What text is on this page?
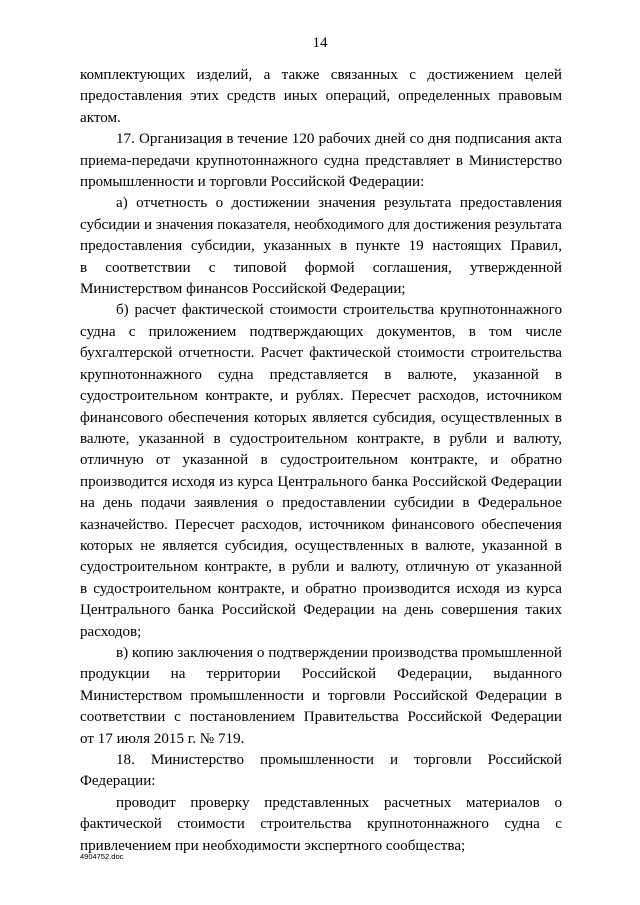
14
комплектующих изделий, а также связанных с достижением целей
предоставления этих средств иных операций, определенных правовым
актом.
17. Организация в течение 120 рабочих дней со дня подписания акта
приема-передачи крупнотоннажного судна представляет в Министерство
промышленности и торговли Российской Федерации:
а) отчетность о достижении значения результата предоставления
субсидии и значения показателя, необходимого для достижения результата
предоставления субсидии, указанных в пункте 19 настоящих Правил,
в соответствии с типовой формой соглашения, утвержденной
Министерством финансов Российской Федерации;
б) расчет фактической стоимости строительства крупнотоннажного
судна с приложением подтверждающих документов, в том числе
бухгалтерской отчетности. Расчет фактической стоимости строительства
крупнотоннажного судна представляется в валюте, указанной в
судостроительном контракте, и рублях. Пересчет расходов, источником
финансового обеспечения которых является субсидия, осуществленных в
валюте, указанной в судостроительном контракте, в рубли и валюту,
отличную от указанной в судостроительном контракте, и обратно
производится исходя из курса Центрального банка Российской Федерации
на день подачи заявления о предоставлении субсидии в Федеральное
казначейство. Пересчет расходов, источником финансового обеспечения
которых не является субсидия, осуществленных в валюте, указанной в
судостроительном контракте, в рубли и валюту, отличную от указанной
в судостроительном контракте, и обратно производится исходя из курса
Центрального банка Российской Федерации на день совершения таких
расходов;
в) копию заключения о подтверждении производства промышленной
продукции на территории Российской Федерации, выданного
Министерством промышленности и торговли Российской Федерации в
соответствии с постановлением Правительства Российской Федерации
от 17 июля 2015 г. № 719.
18. Министерство промышленности и торговли Российской
Федерации:
проводит проверку представленных расчетных материалов о
фактической стоимости строительства крупнотоннажного судна с
привлечением при необходимости экспертного сообщества;
4904752.doc
